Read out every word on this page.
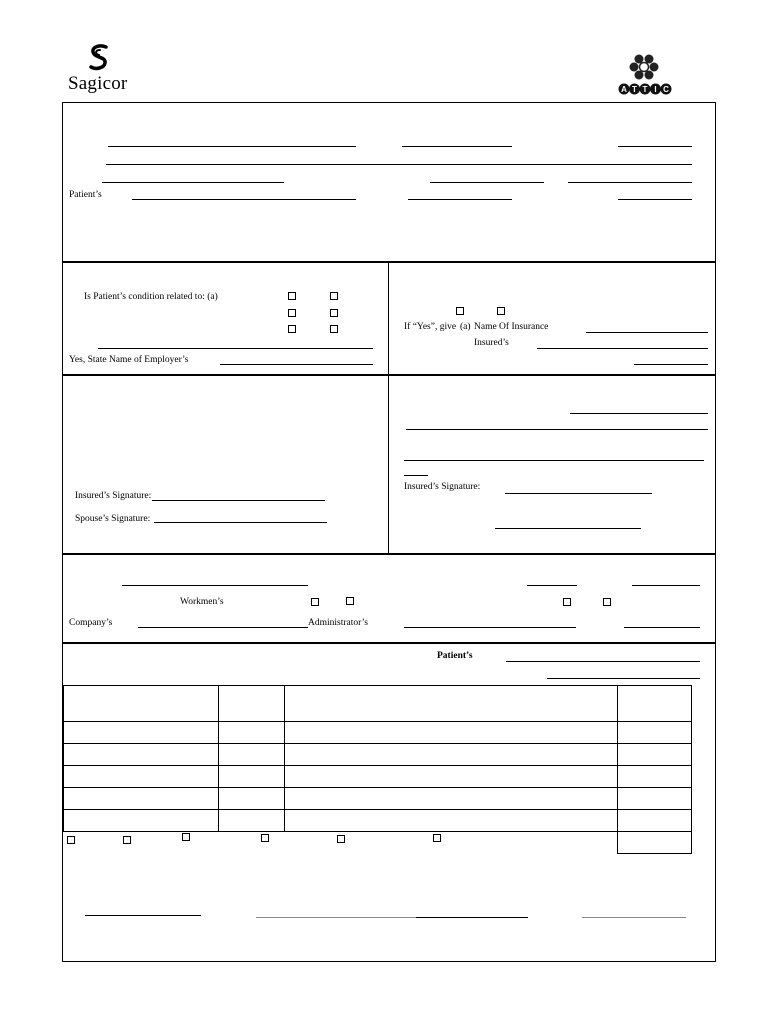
Sagicor	A T T I C
Patient’s
Is Patient’s condition related to: (a)
Yes, State Name of Employer’s
If “Yes”, give (a) Name Of Insurance
Insured’s
Insured’s Signature:
Spouse’s Signature:
Insured’s Signature:
Workmen’s
Company’s	Administrator’s
Patient’s
